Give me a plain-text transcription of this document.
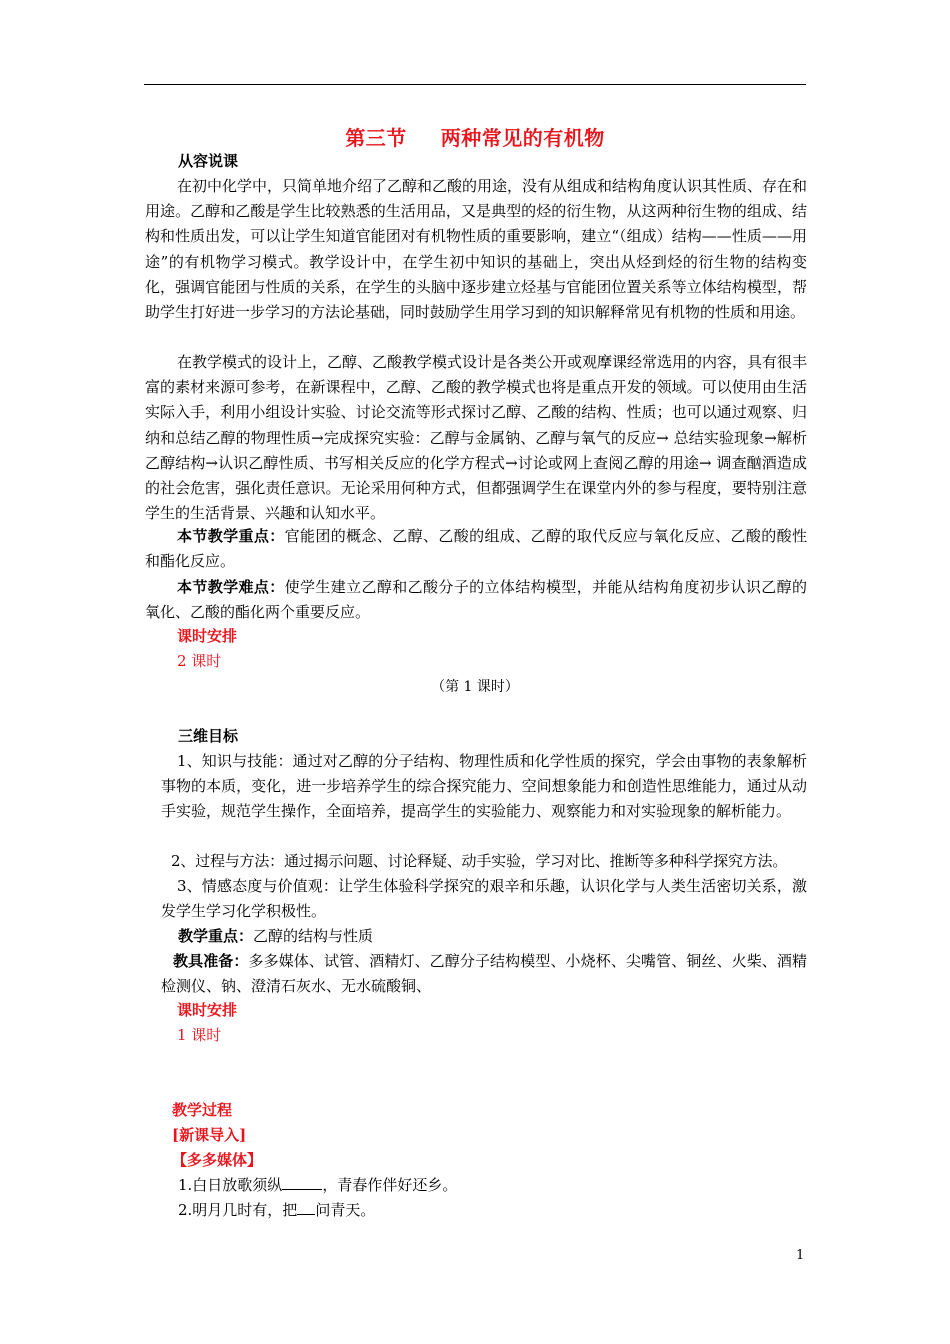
第三节 两种常见的有机物
从容说课

在初中化学中，只简单地介绍了乙醇和乙酸的用途，没有从组成和结构角度认识其性质、存在和用途。乙醇和乙酸是学生比较熟悉的生活用品，又是典型的烃的衍生物，从这两种衍生物的组成、结构和性质出发，可以让学生知道官能团对有机物性质的重要影响，建立“（组成）结构——性质——用途”的有机物学习模式。教学设计中，在学生初中知识的基础上，突出从烃到烃的衍生物的结构变化，强调官能团与性质的关系，在学生的头脑中逐步建立烃基与官能团位置关系等立体结构模型，帮助学生打好进一步学习的方法论基础，同时鼓励学生用学习到的知识解释常见有机物的性质和用途。

在教学模式的设计上，乙醇、乙酸教学模式设计是各类公开或观摩课经常选用的内容，具有很丰富的素材来源可参考，在新课程中，乙醇、乙酸的教学模式也将是重点开发的领域。可以使用由生活实际入手，利用小组设计实验、讨论交流等形式探讨乙醇、乙酸的结构、性质；也可以通过观察、归纳和总结乙醇的物理性质→完成探究实验：乙醇与金属钠、乙醇与氧气的反应→ 总结实验现象→解析乙醇结构→认识乙醇性质、书写相关反应的化学方程式→讨论或网上查阅乙醇的用途→ 调查酗酒造成的社会危害，强化责任意识。无论采用何种方式，但都强调学生在课堂内外的参与程度，要特别注意学生的生活背景、兴趣和认知水平。

本节教学重点：官能团的概念、乙醇、乙酸的组成、乙醇的取代反应与氧化反应、乙酸的酸性和酯化反应。

本节教学难点：使学生建立乙醇和乙酸分子的立体结构模型，并能从结构角度初步认识乙醇的氧化、乙酸的酯化两个重要反应。

课时安排
2 课时
（第 1 课时）
三维目标

1、知识与技能：通过对乙醇的分子结构、物理性质和化学性质的探究，学会由事物的表象解析事物的本质，变化，进一步培养学生的综合探究能力、空间想象能力和创造性思维能力，通过从动手实验，规范学生操作，全面培养，提高学生的实验能力、观察能力和对实验现象的解析能力。

2、过程与方法：通过揭示问题、讨论释疑、动手实验，学习对比、推断等多种科学探究方法。

3、情感态度与价值观：让学生体验科学探究的艰辛和乐趣，认识化学与人类生活密切关系，激发学生学习化学积极性。

教学重点：乙醇的结构与性质

教具准备：多多媒体、试管、酒精灯、乙醇分子结构模型、小烧杯、尖嘴管、铜丝、火柴、酒精检测仪、钠、澄清石灰水、无水硫酸铜、

课时安排
1 课时
教学过程
[新课导入]
【多多媒体】
1.白日放歌须纵	，青春作伴好还乡。
2.明月几时有，把 问青天。
1
